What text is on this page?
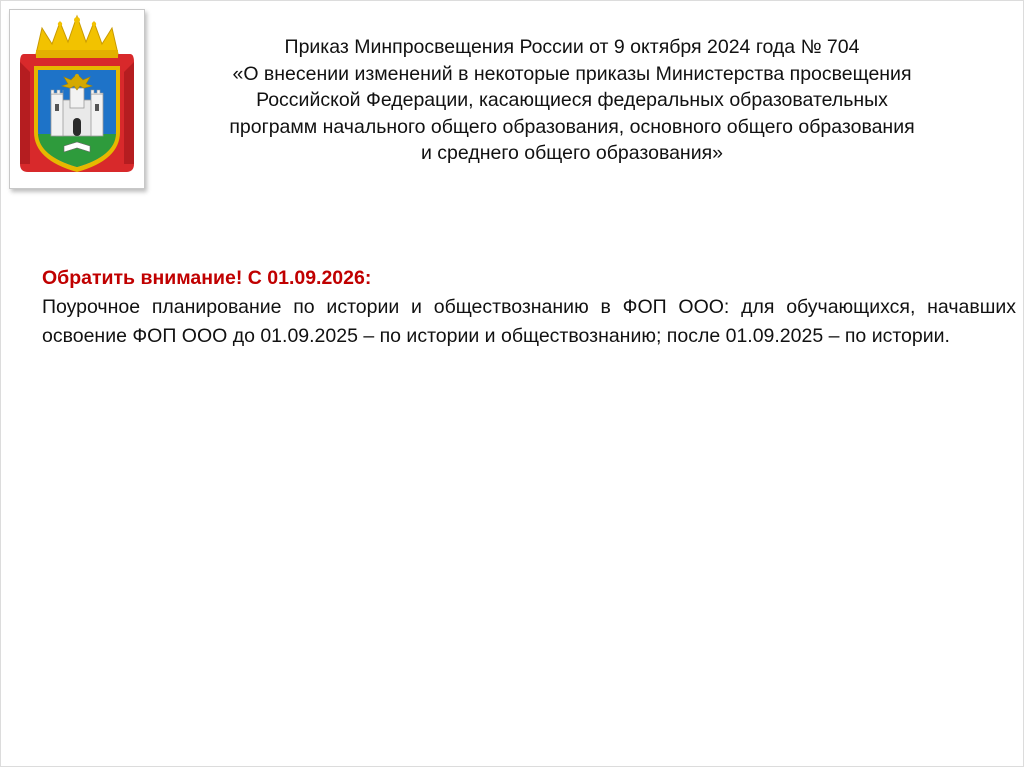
Приказ Минпросвещения России от 9 октября 2024 года № 704
«О внесении изменений в некоторые приказы Министерства просвещения
Российской Федерации, касающиеся федеральных образовательных
программ начального общего образования, основного общего образования
и среднего общего образования»
Обратить внимание! С 01.09.2026:
Поурочное планирование по истории и обществознанию в ФОП ООО: для обучающихся, начавших освоение ФОП ООО до 01.09.2025 – по истории и обществознанию; после 01.09.2025 – по истории.
